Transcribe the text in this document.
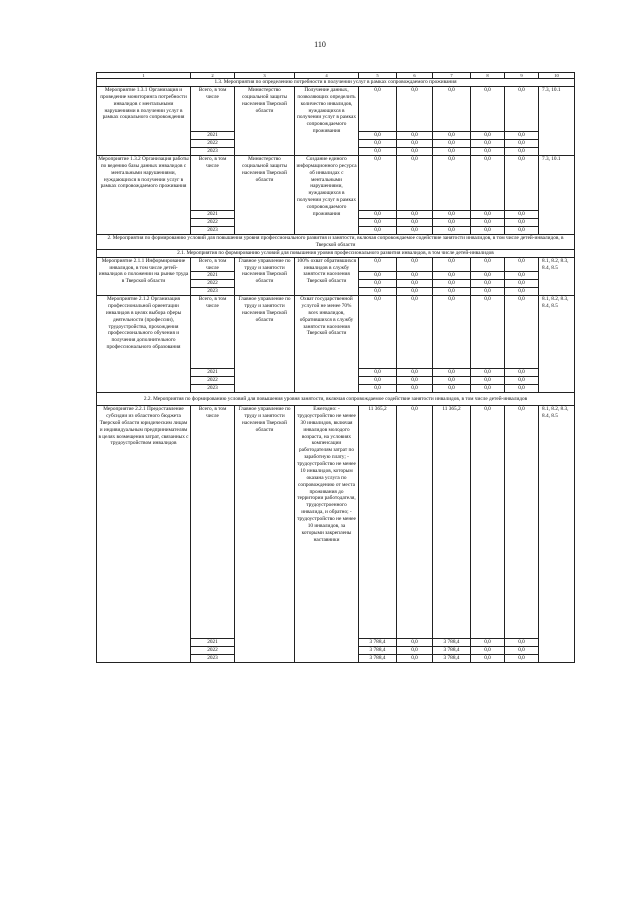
110
1	2	3	4	5	6	7	8	9	10
1.3. Мероприятия по определению потребности в получении услуг в рамках сопровождаемого проживания									
Мероприятие 1.3.1 Организация и проведение мониторинга потребности инвалидов с ментальными нарушениями в получении услуг в рамках социального сопровождения	Всего, в том числе	Министерство социальной защиты населения Тверской области	Получение данных, позволяющих определить количество инвалидов, нуждающихся в получении услуг в рамках сопровождаемого проживания	0,0	0,0	0,0	0,0	0,0	7.3, 10.1
	2021			0,0	0,0	0,0	0,0	0,0	
	2022			0,0	0,0	0,0	0,0	0,0	
	2023			0,0	0,0	0,0	0,0	0,0	
Мероприятие 1.3.2 Организация работы по ведению базы данных инвалидов с ментальными нарушениями, нуждающихся в получении услуг в рамках сопровождаемого проживания	Всего, в том числе	Министерство социальной защиты населения Тверской области	Создание единого информационного ресурса об инвалидах с ментальными нарушениями, нуждающихся в получении услуг в рамках сопровождаемого проживания	0,0	0,0	0,0	0,0	0,0	7.3, 10.1
	2021			0,0	0,0	0,0	0,0	0,0	
	2022			0,0	0,0	0,0	0,0	0,0	
	2023			0,0	0,0	0,0	0,0	0,0	
2. Мероприятия по формированию условий для повышения уровня профессионального развития и занятости, включая сопровождаемое содействие занятости инвалидов, в том числе детей-инвалидов, в Тверской области									
2.1. Мероприятия по формированию условий для повышения уровня профессионального развития инвалидов, в том числе детей-инвалидов									
Мероприятие 2.1.1 Информирование инвалидов, в том числе детей-инвалидов о положении на рынке труда в Тверской области	Всего, в том числе	Главное управление по труду и занятости населения Тверской области	100% охват обратившихся инвалидов в службу занятости населения Тверской области	0,0	0,0	0,0	0,0	0,0	8.1, 8.2, 8.3, 8.4, 8.5
	2021			0,0	0,0	0,0	0,0	0,0	
	2022			0,0	0,0	0,0	0,0	0,0	
	2023			0,0	0,0	0,0	0,0	0,0	
Мероприятие 2.1.2 Организация профессиональной ориентации инвалидов в целях выбора сферы деятельности (профессии), трудоустройства, прохождения профессионального обучения и получения дополнительного профессионального образования	Всего, в том числе	Главное управление по труду и занятости населения Тверской области	Охват государственной услугой не менее 70% всех инвалидов, обратившихся в службу занятости населения Тверской области	0,0	0,0	0,0	0,0	0,0	8.1, 8.2, 8.3, 8.4, 8.5
	2021			0,0	0,0	0,0	0,0	0,0	
	2022			0,0	0,0	0,0	0,0	0,0	
	2023			0,0	0,0	0,0	0,0	0,0	
2.2. Мероприятия по формированию условий для повышения уровня занятости, включая сопровождаемое содействие занятости инвалидов, в том числе детей-инвалидов									
Мероприятие 2.2.1 Предоставление субсидии из областного бюджета Тверской области юридическим лицам и индивидуальным предпринимателям в целях возмещения затрат, связанных с трудоустройством инвалидов	Всего, в том числе	Главное управление по труду и занятости населения Тверской области	Ежегодно: - трудоустройство не менее 30 инвалидов, включая инвалидов молодого возраста, на условиях компенсации работодателям затрат по заработную плату; - трудоустройство не менее 10 инвалидов, которым оказана услуга по сопровождению от места проживания до территории работодателя, трудоустроенного инвалида, и обратно; - трудоустройство не менее 10 инвалидов, за которыми закреплены наставники	11 365,2	0,0	11 365,2	0,0	0,0	8.1, 8.2, 8.3, 8.4, 8.5
	2021			3 788,4	0,0	3 788,4	0,0	0,0	
	2022			3 788,4	0,0	3 788,4	0,0	0,0	
	2023			3 788,4	0,0	3 788,4	0,0	0,0	
